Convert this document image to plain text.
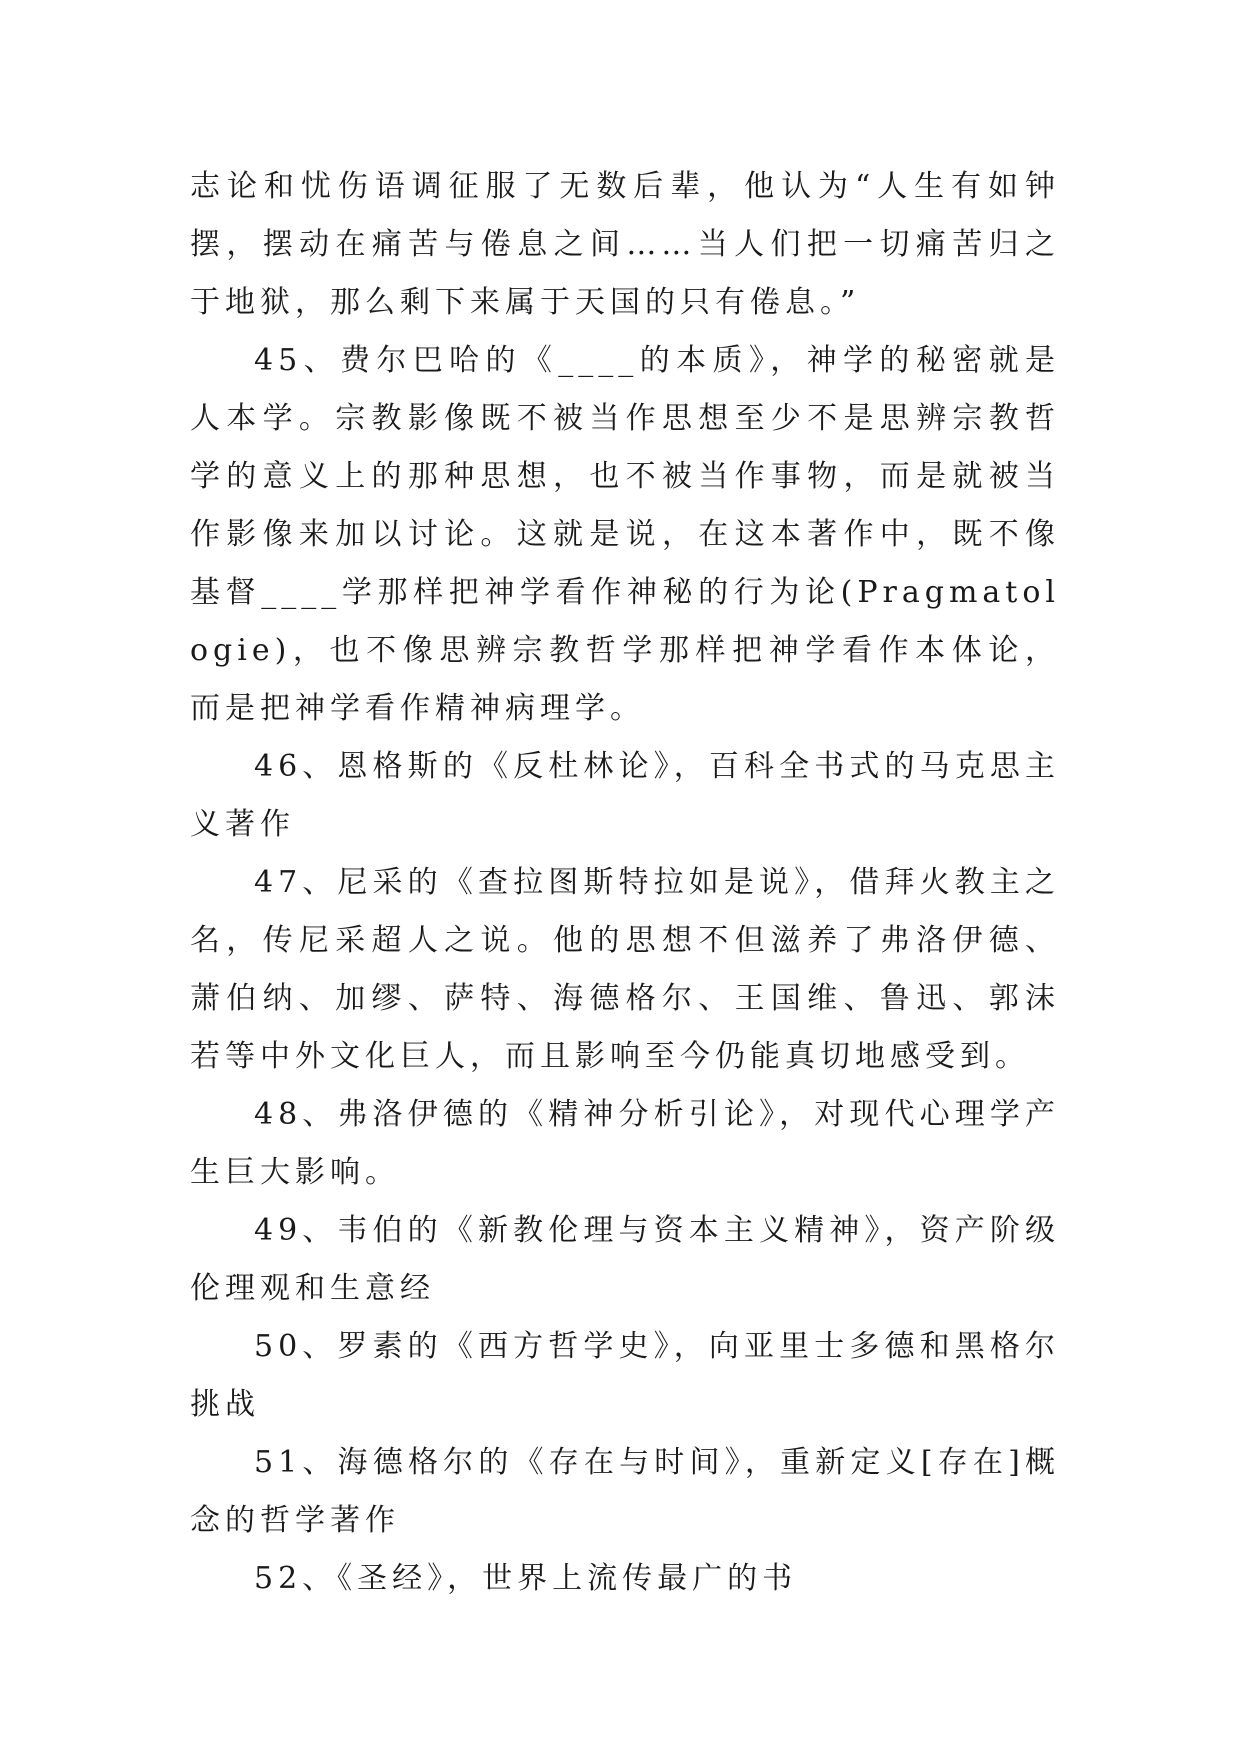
志论和忧伤语调征服了无数后辈，他认为“人生有如钟摆，摆动在痛苦与倦息之间……当人们把一切痛苦归之于地狱，那么剩下来属于天国的只有倦息。”

45、费尔巴哈的《____的本质》，神学的秘密就是人本学。宗教影像既不被当作思想至少不是思辨宗教哲学的意义上的那种思想，也不被当作事物，而是就被当作影像来加以讨论。这就是说，在这本著作中，既不像基督____学那样把神学看作神秘的行为论(Pragmatologie)，也不像思辨宗教哲学那样把神学看作本体论，而是把神学看作精神病理学。

46、恩格斯的《反杜林论》，百科全书式的马克思主义著作

47、尼采的《查拉图斯特拉如是说》，借拜火教主之名，传尼采超人之说。他的思想不但滋养了弗洛伊德、萧伯纳、加缪、萨特、海德格尔、王国维、鲁迅、郭沫若等中外文化巨人，而且影响至今仍能真切地感受到。

48、弗洛伊德的《精神分析引论》，对现代心理学产生巨大影响。

49、韦伯的《新教伦理与资本主义精神》，资产阶级伦理观和生意经

50、罗素的《西方哲学史》，向亚里士多德和黑格尔挑战

51、海德格尔的《存在与时间》，重新定义[存在]概念的哲学著作

52、《圣经》，世界上流传最广的书
